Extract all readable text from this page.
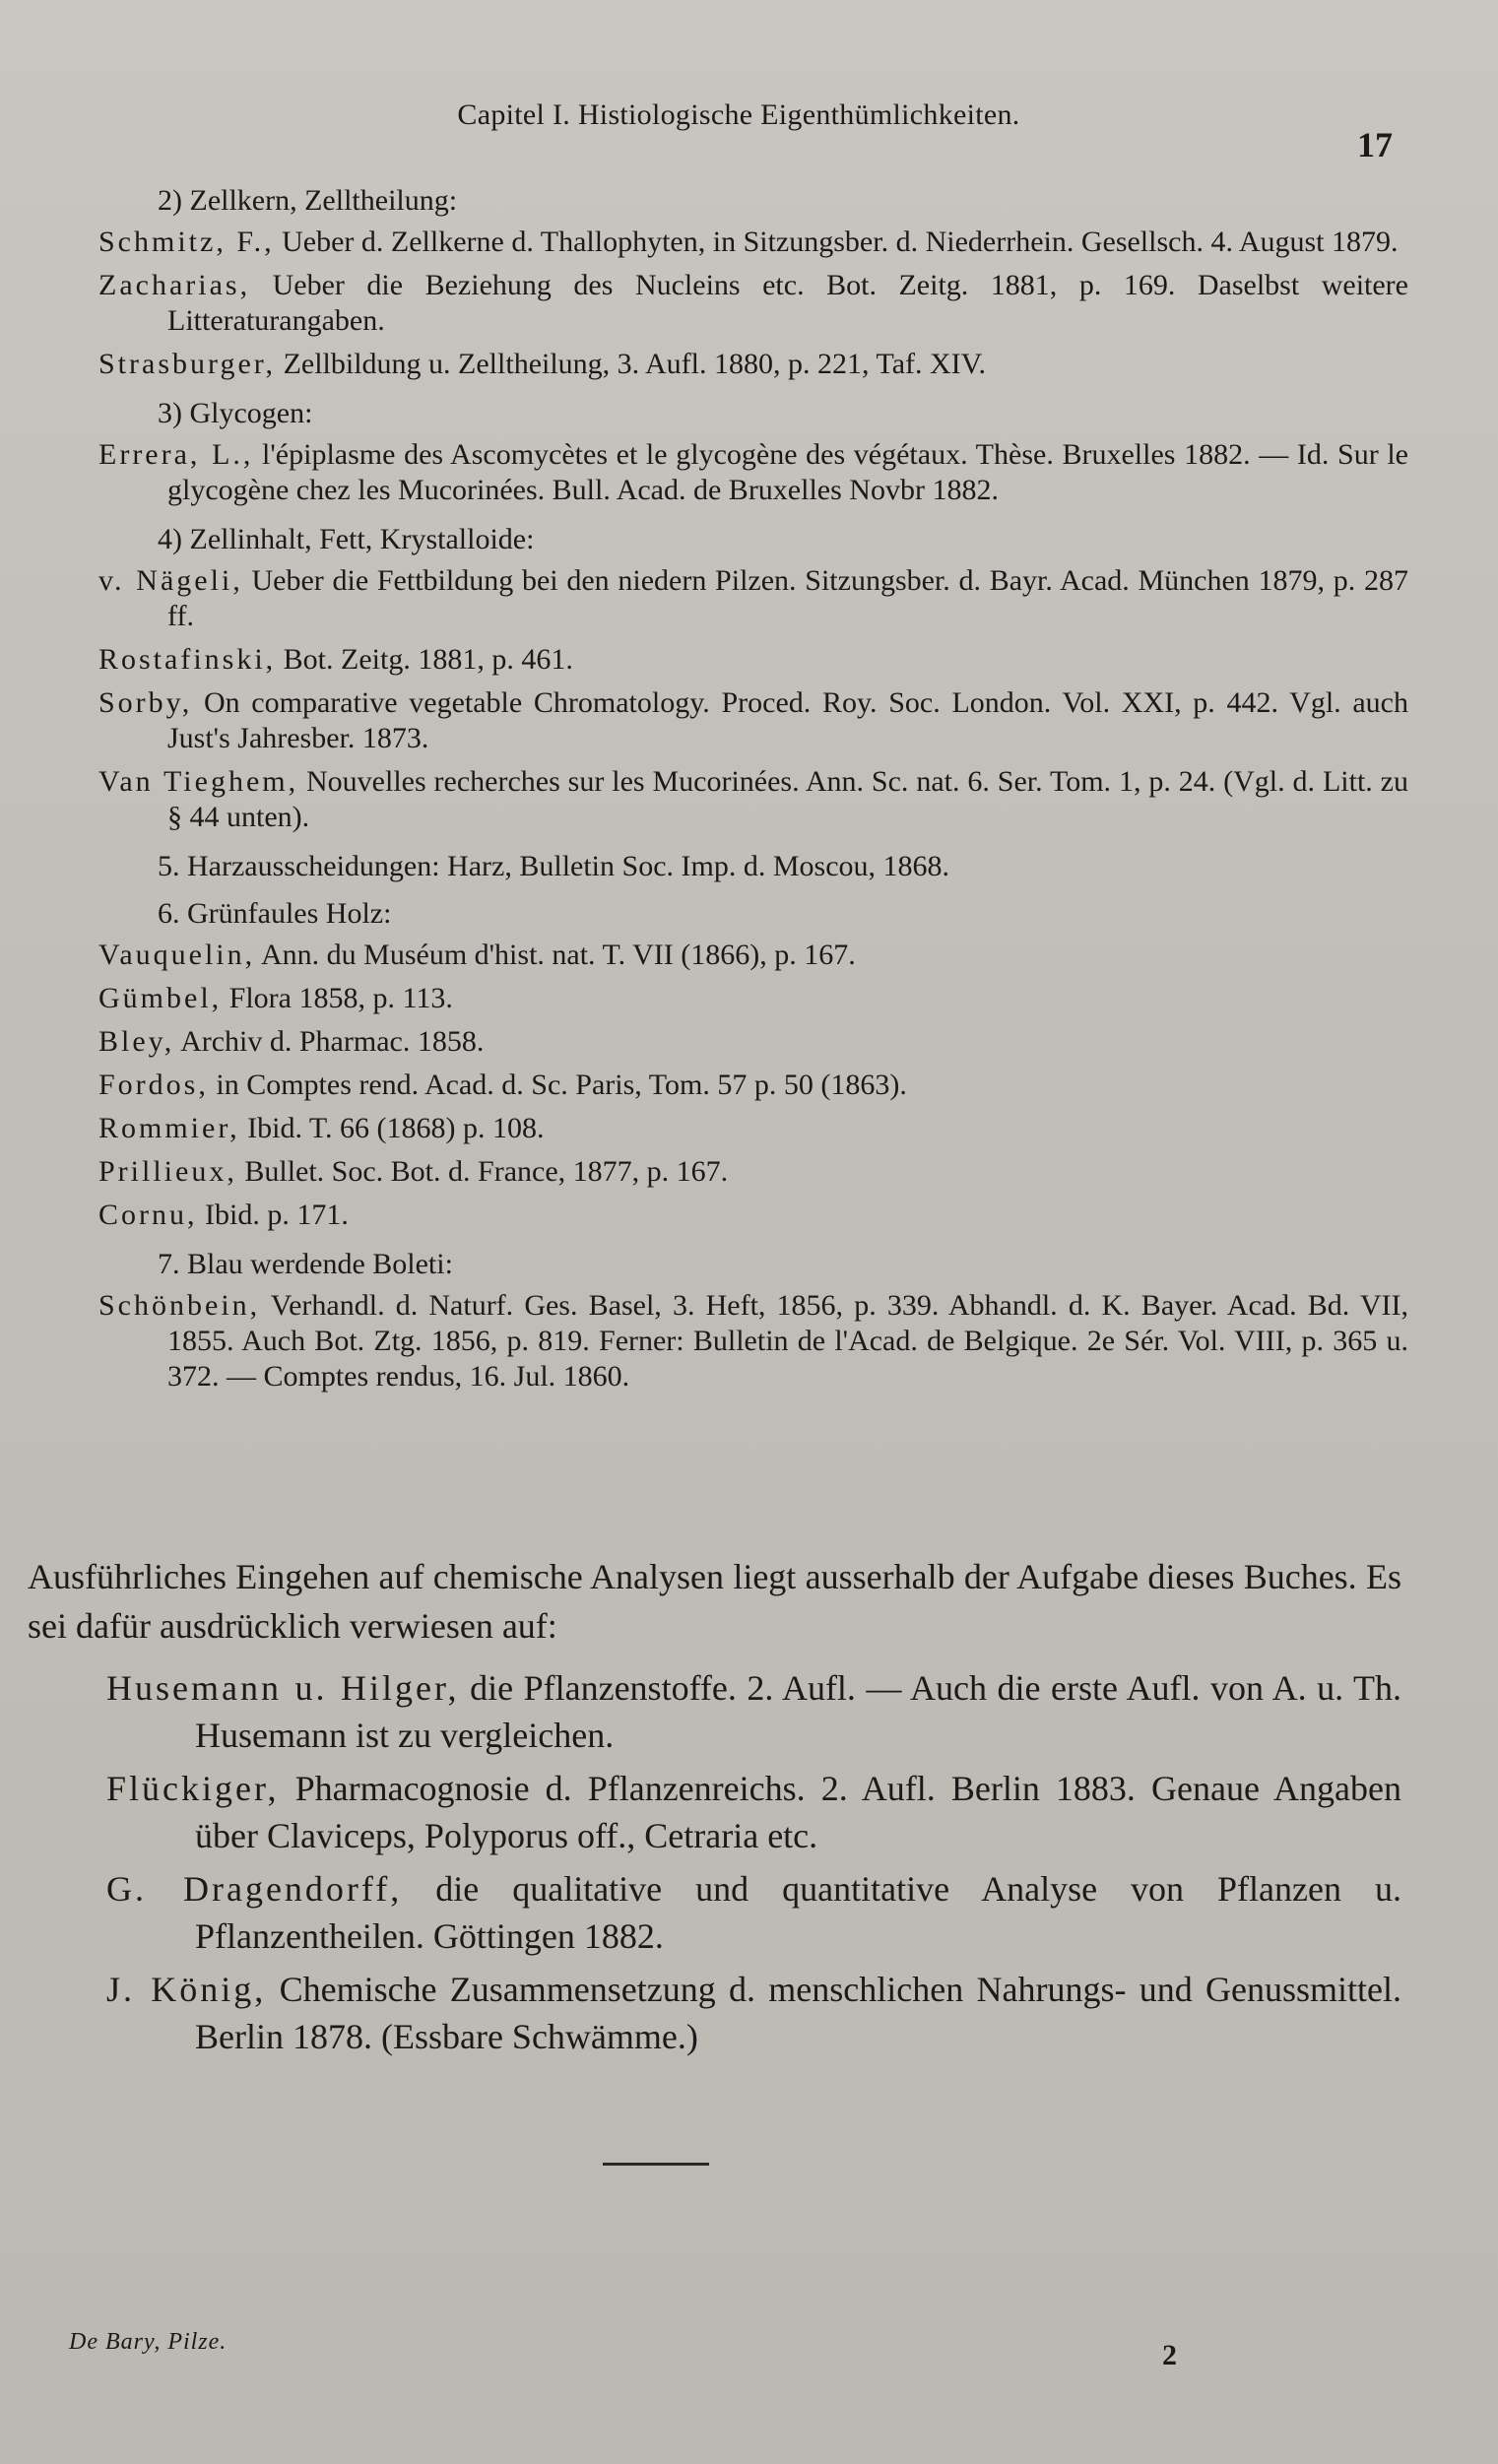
Capitel I. Histiologische Eigenthümlichkeiten.
17

2) Zellkern, Zelltheilung:

Schmitz, F., Ueber d. Zellkerne d. Thallophyten, in Sitzungsber. d. Niederrhein. Gesellsch. 4. August 1879.

Zacharias, Ueber die Beziehung des Nucleins etc. Bot. Zeitg. 1881, p. 169. Daselbst weitere Litteraturangaben.

Strasburger, Zellbildung u. Zelltheilung, 3. Aufl. 1880, p. 221, Taf. XIV.

3) Glycogen:

Errera, L., l'épiplasme des Ascomycètes et le glycogène des végétaux. Thèse. Bruxelles 1882. — Id. Sur le glycogène chez les Mucorinées. Bull. Acad. de Bruxelles Novbr 1882.

4) Zellinhalt, Fett, Krystalloide:

v. Nägeli, Ueber die Fettbildung bei den niedern Pilzen. Sitzungsber. d. Bayr. Acad. München 1879, p. 287 ff.

Rostafinski, Bot. Zeitg. 1881, p. 461.

Sorby, On comparative vegetable Chromatology. Proced. Roy. Soc. London. Vol. XXI, p. 442. Vgl. auch Just's Jahresber. 1873.

Van Tieghem, Nouvelles recherches sur les Mucorinées. Ann. Sc. nat. 6. Ser. Tom. 1, p. 24. (Vgl. d. Litt. zu § 44 unten).

5. Harzausscheidungen: Harz, Bulletin Soc. Imp. d. Moscou, 1868.

6. Grünfaules Holz:

Vauquelin, Ann. du Muséum d'hist. nat. T. VII (1866), p. 167.

Gümbel, Flora 1858, p. 113.

Bley, Archiv d. Pharmac. 1858.

Fordos, in Comptes rend. Acad. d. Sc. Paris, Tom. 57 p. 50 (1863).

Rommier, Ibid. T. 66 (1868) p. 108.

Prillieux, Bullet. Soc. Bot. d. France, 1877, p. 167.

Cornu, Ibid. p. 171.

7. Blau werdende Boleti:

Schönbein, Verhandl. d. Naturf. Ges. Basel, 3. Heft, 1856, p. 339. Abhandl. d. K. Bayer. Acad. Bd. VII, 1855. Auch Bot. Ztg. 1856, p. 819. Ferner: Bulletin de l'Acad. de Belgique. 2e Sér. Vol. VIII, p. 365 u. 372. — Comptes rendus, 16. Jul. 1860.

Ausführliches Eingehen auf chemische Analysen liegt ausserhalb der Aufgabe dieses Buches. Es sei dafür ausdrücklich verwiesen auf:

Husemann u. Hilger, die Pflanzenstoffe. 2. Aufl. — Auch die erste Aufl. von A. u. Th. Husemann ist zu vergleichen.

Flückiger, Pharmacognosie d. Pflanzenreichs. 2. Aufl. Berlin 1883. Genaue Angaben über Claviceps, Polyporus off., Cetraria etc.

G. Dragendorff, die qualitative und quantitative Analyse von Pflanzen u. Pflanzentheilen. Göttingen 1882.

J. König, Chemische Zusammensetzung d. menschlichen Nahrungs- und Genussmittel. Berlin 1878. (Essbare Schwämme.)

De Bary, Pilze.	2
